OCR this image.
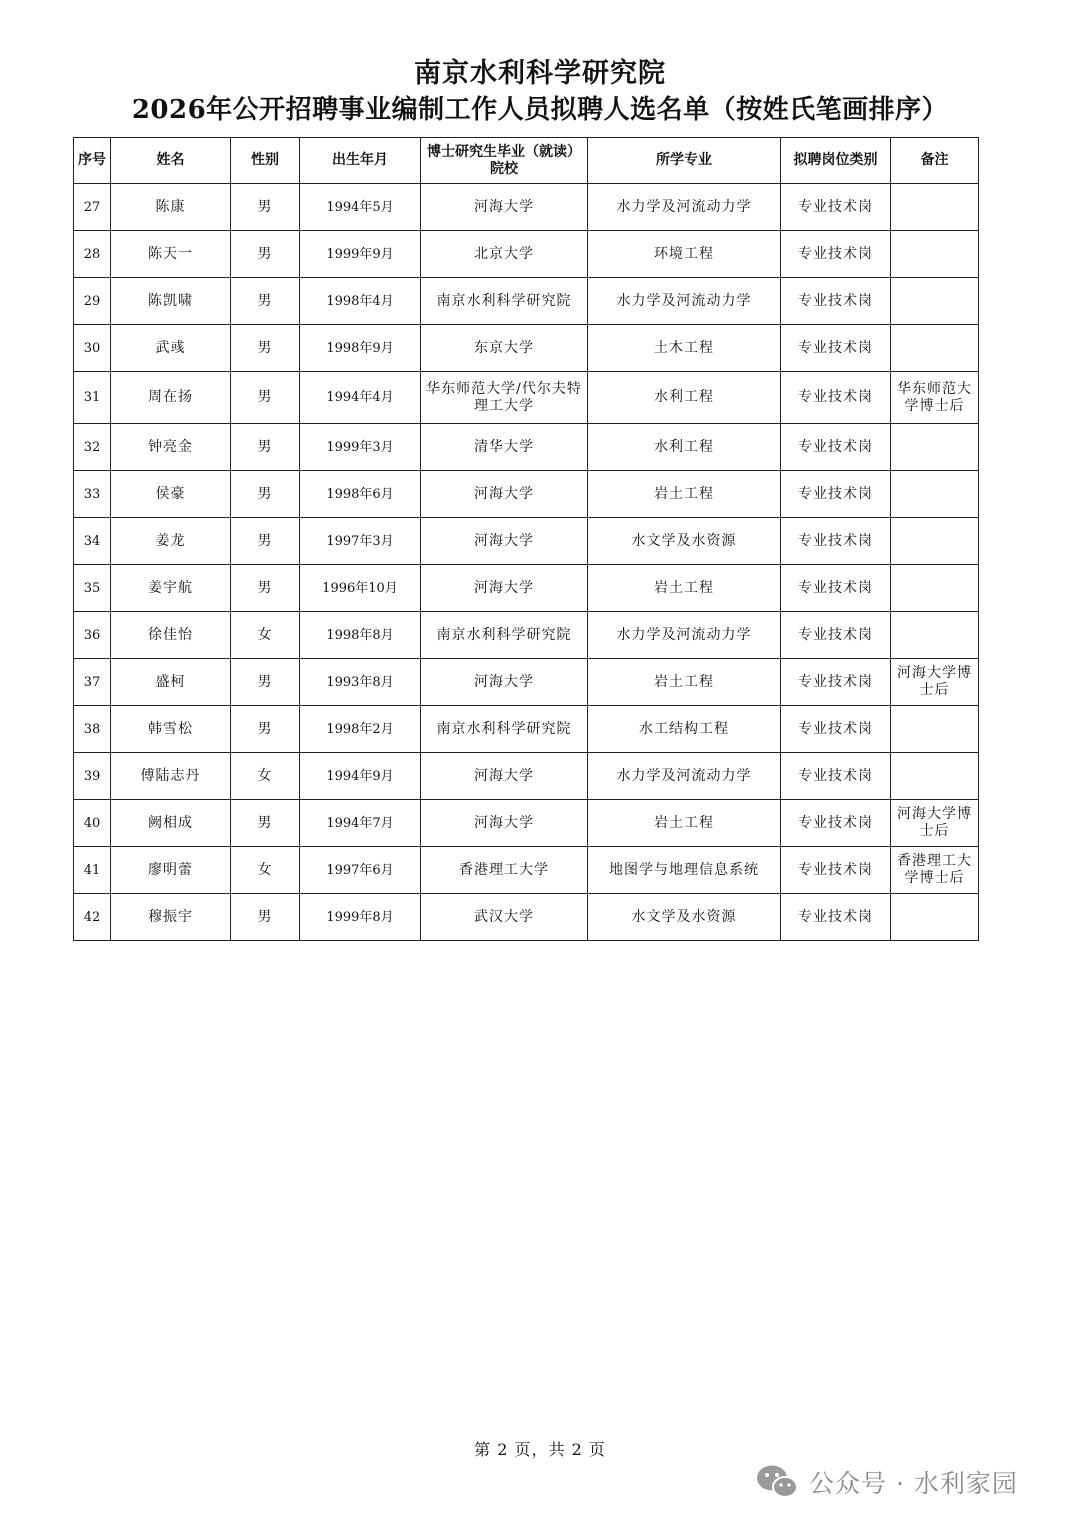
南京水利科学研究院
2026年公开招聘事业编制工作人员拟聘人选名单（按姓氏笔画排序）
序号	姓名	性别	出生年月	博士研究生毕业（就读）院校	所学专业	拟聘岗位类别	备注
27	陈康	男	1994年5月	河海大学	水力学及河流动力学	专业技术岗	
28	陈天一	男	1999年9月	北京大学	环境工程	专业技术岗	
29	陈凯啸	男	1998年4月	南京水利科学研究院	水力学及河流动力学	专业技术岗	
30	武彧	男	1998年9月	东京大学	土木工程	专业技术岗	
31	周在扬	男	1994年4月	华东师范大学/代尔夫特理工大学	水利工程	专业技术岗	华东师范大学博士后
32	钟亮金	男	1999年3月	清华大学	水利工程	专业技术岗	
33	侯豪	男	1998年6月	河海大学	岩土工程	专业技术岗	
34	姜龙	男	1997年3月	河海大学	水文学及水资源	专业技术岗	
35	姜宇航	男	1996年10月	河海大学	岩土工程	专业技术岗	
36	徐佳怡	女	1998年8月	南京水利科学研究院	水力学及河流动力学	专业技术岗	
37	盛柯	男	1993年8月	河海大学	岩土工程	专业技术岗	河海大学博士后
38	韩雪松	男	1998年2月	南京水利科学研究院	水工结构工程	专业技术岗	
39	傅陆志丹	女	1994年9月	河海大学	水力学及河流动力学	专业技术岗	
40	阙相成	男	1994年7月	河海大学	岩土工程	专业技术岗	河海大学博士后
41	廖明蕾	女	1997年6月	香港理工大学	地图学与地理信息系统	专业技术岗	香港理工大学博士后
42	穆振宇	男	1999年8月	武汉大学	水文学及水资源	专业技术岗	
第 2 页，共 2 页
公众号 · 水利家园
